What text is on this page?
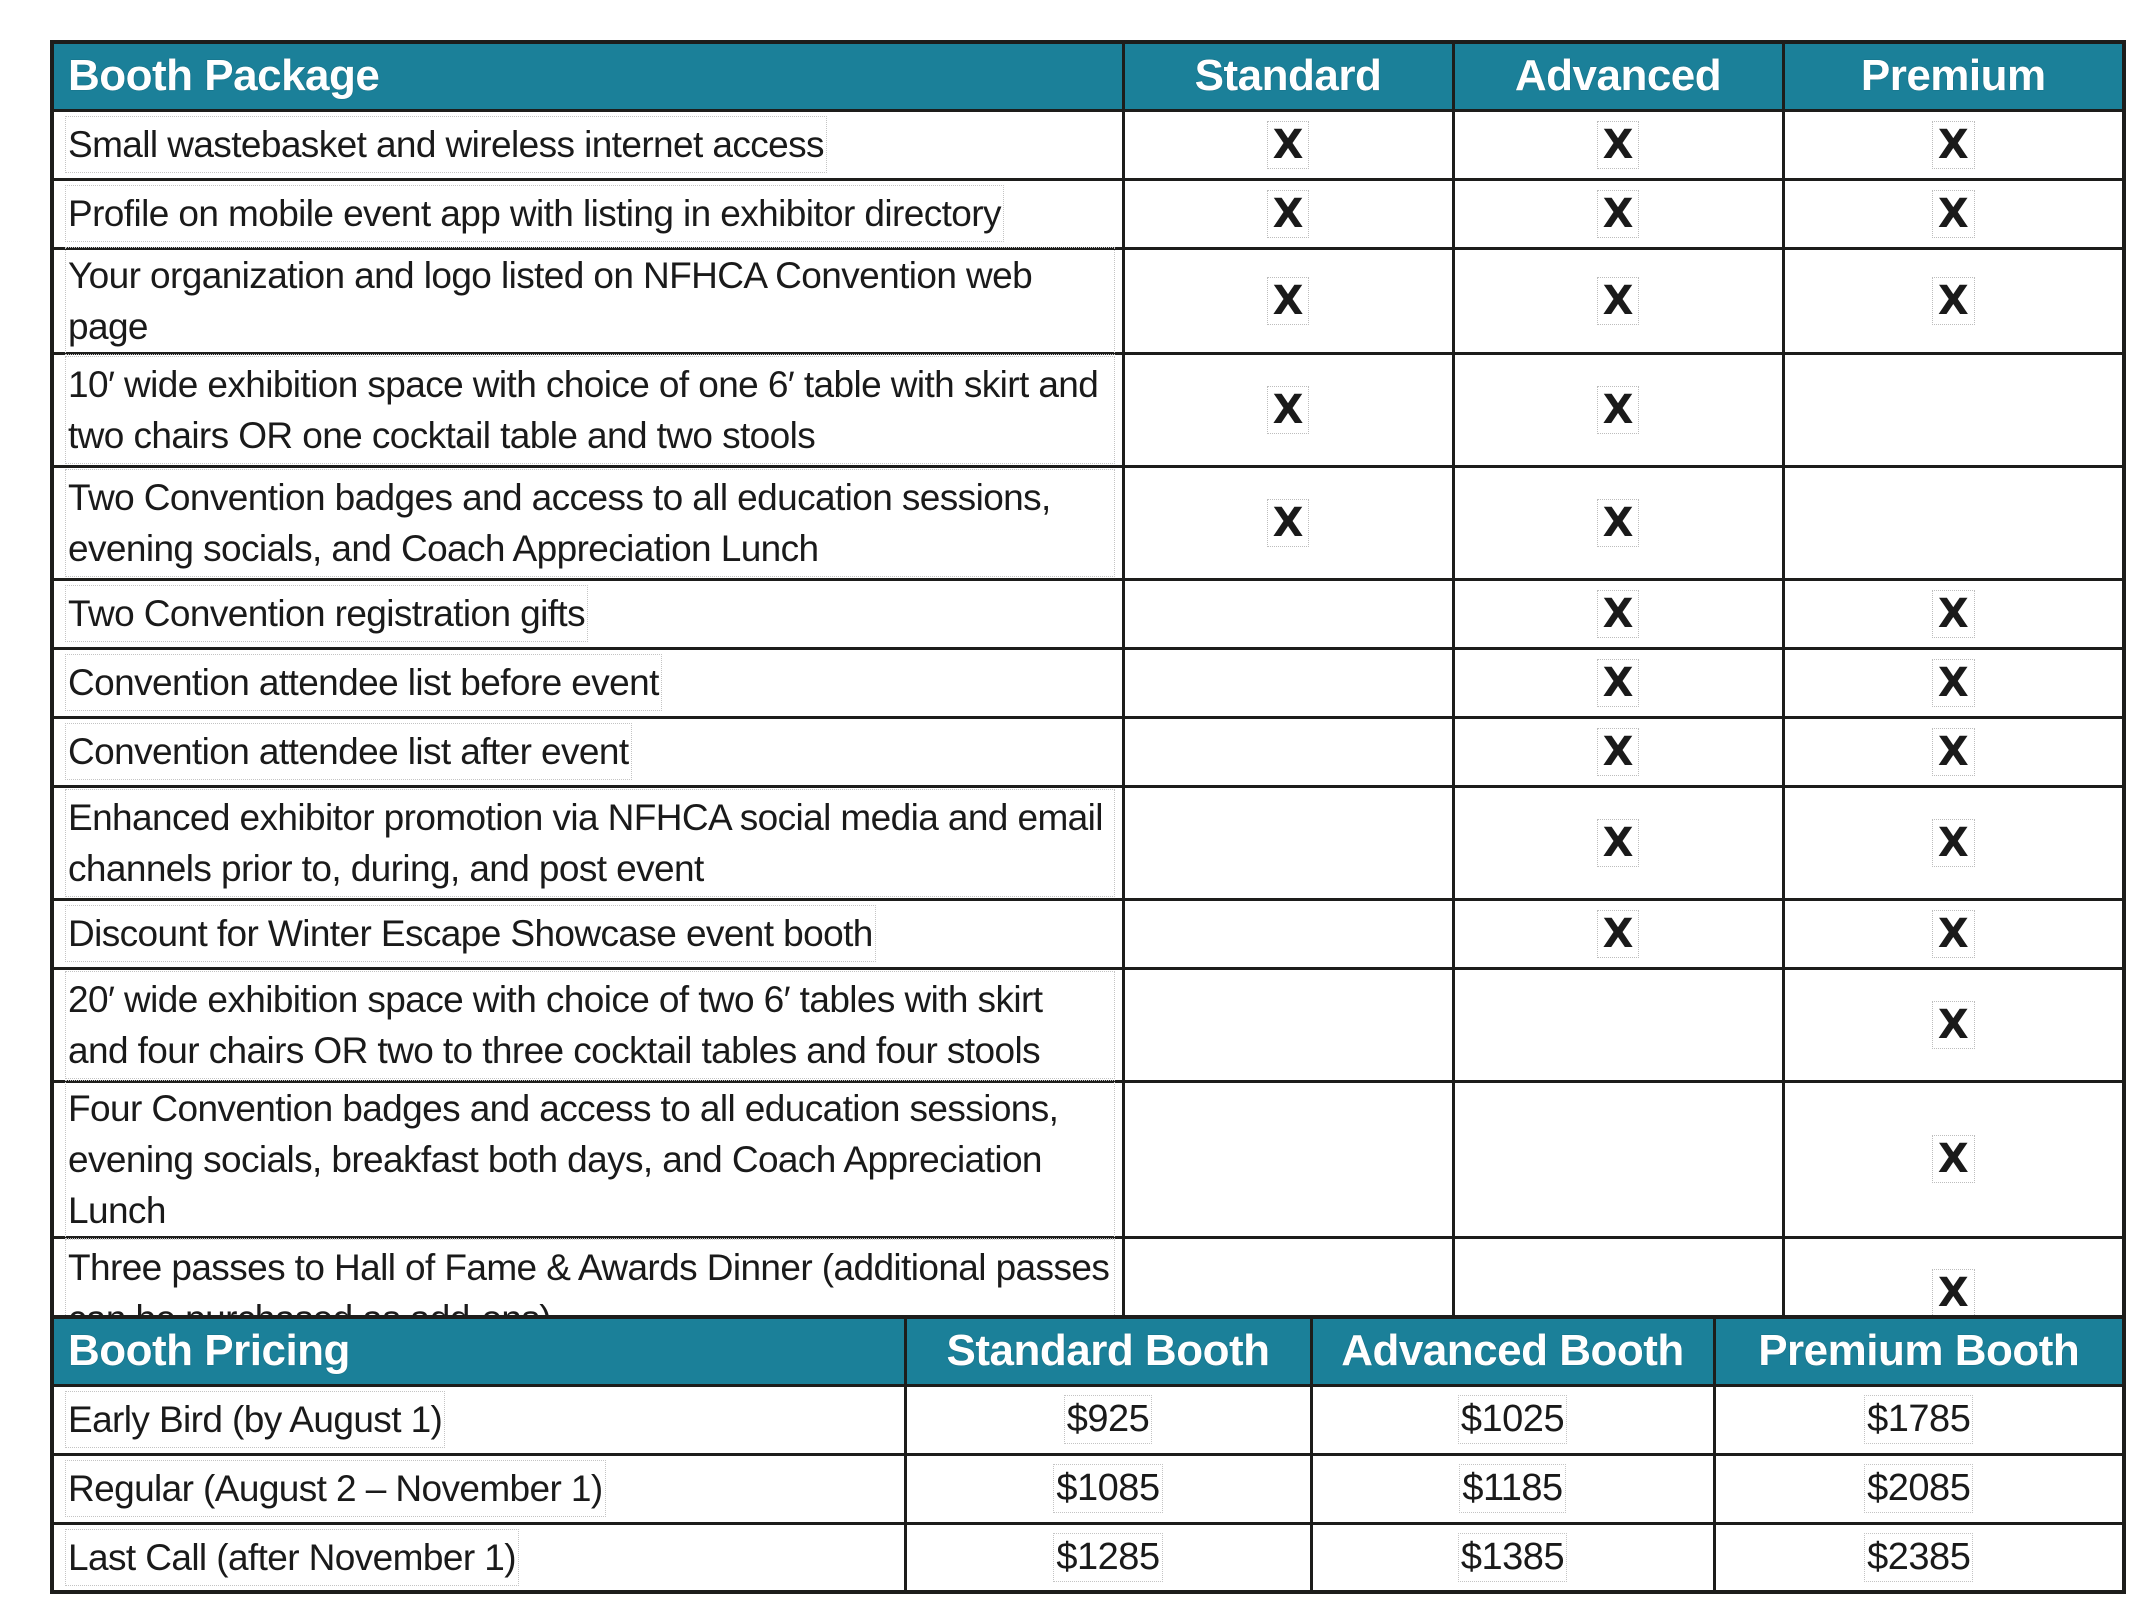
Booth Package	Standard	Advanced	Premium
Small wastebasket and wireless internet access	X	X	X
Profile on mobile event app with listing in exhibitor directory	X	X	X
Your organization and logo listed on NFHCA Convention web page	X	X	X
10′ wide exhibition space with choice of one 6′ table with skirt and two chairs OR one cocktail table and two stools	X	X	
Two Convention badges and access to all education sessions, evening socials, and Coach Appreciation Lunch	X	X	
Two Convention registration gifts		X	X
Convention attendee list before event		X	X
Convention attendee list after event		X	X
Enhanced exhibitor promotion via NFHCA social media and email channels prior to, during, and post event		X	X
Discount for Winter Escape Showcase event booth		X	X
20′ wide exhibition space with choice of two 6′ tables with skirt and four chairs OR two to three cocktail tables and four stools			X
Four Convention badges and access to all education sessions, evening socials, breakfast both days, and Coach Appreciation Lunch			X
Three passes to Hall of Fame & Awards Dinner (additional passes			X
Booth Pricing	Standard Booth	Advanced Booth	Premium Booth
Early Bird (by August 1)	$925	$1025	$1785
Regular (August 2 – November 1)	$1085	$1185	$2085
Last Call (after November 1)	$1285	$1385	$2385
